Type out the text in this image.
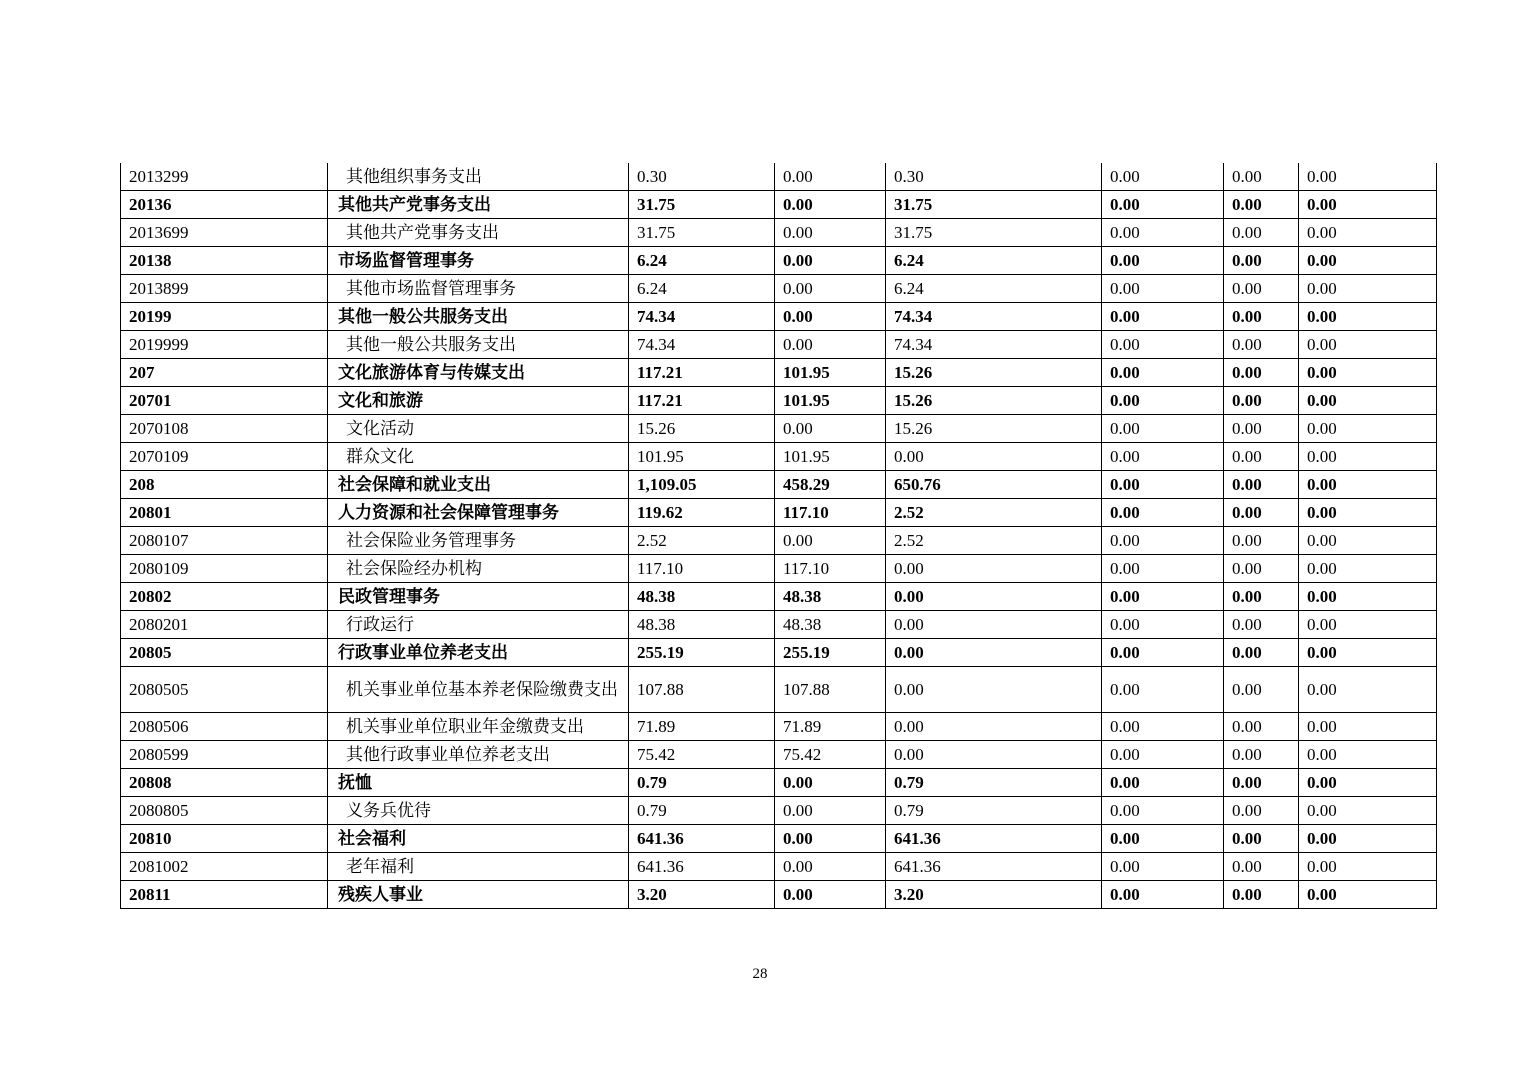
2013299	其他组织事务支出	0.30	0.00	0.30	0.00	0.00	0.00
20136	其他共产党事务支出	31.75	0.00	31.75	0.00	0.00	0.00
2013699	其他共产党事务支出	31.75	0.00	31.75	0.00	0.00	0.00
20138	市场监督管理事务	6.24	0.00	6.24	0.00	0.00	0.00
2013899	其他市场监督管理事务	6.24	0.00	6.24	0.00	0.00	0.00
20199	其他一般公共服务支出	74.34	0.00	74.34	0.00	0.00	0.00
2019999	其他一般公共服务支出	74.34	0.00	74.34	0.00	0.00	0.00
207	文化旅游体育与传媒支出	117.21	101.95	15.26	0.00	0.00	0.00
20701	文化和旅游	117.21	101.95	15.26	0.00	0.00	0.00
2070108	文化活动	15.26	0.00	15.26	0.00	0.00	0.00
2070109	群众文化	101.95	101.95	0.00	0.00	0.00	0.00
208	社会保障和就业支出	1,109.05	458.29	650.76	0.00	0.00	0.00
20801	人力资源和社会保障管理事务	119.62	117.10	2.52	0.00	0.00	0.00
2080107	社会保险业务管理事务	2.52	0.00	2.52	0.00	0.00	0.00
2080109	社会保险经办机构	117.10	117.10	0.00	0.00	0.00	0.00
20802	民政管理事务	48.38	48.38	0.00	0.00	0.00	0.00
2080201	行政运行	48.38	48.38	0.00	0.00	0.00	0.00
20805	行政事业单位养老支出	255.19	255.19	0.00	0.00	0.00	0.00
2080505	机关事业单位基本养老保险缴费支出	107.88	107.88	0.00	0.00	0.00	0.00
2080506	机关事业单位职业年金缴费支出	71.89	71.89	0.00	0.00	0.00	0.00
2080599	其他行政事业单位养老支出	75.42	75.42	0.00	0.00	0.00	0.00
20808	抚恤	0.79	0.00	0.79	0.00	0.00	0.00
2080805	义务兵优待	0.79	0.00	0.79	0.00	0.00	0.00
20810	社会福利	641.36	0.00	641.36	0.00	0.00	0.00
2081002	老年福利	641.36	0.00	641.36	0.00	0.00	0.00
20811	残疾人事业	3.20	0.00	3.20	0.00	0.00	0.00
28
